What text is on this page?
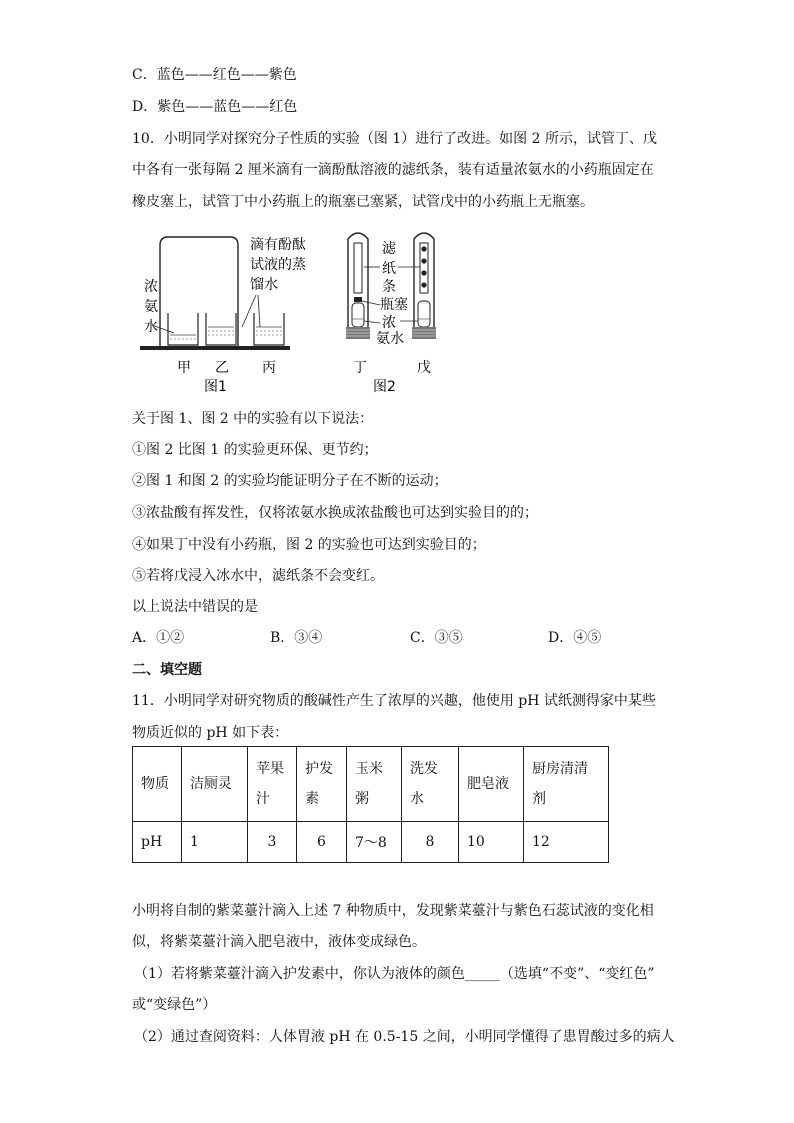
C．蓝色——红色——紫色
D．紫色——蓝色——红色
10．小明同学对探究分子性质的实验（图 1）进行了改进。如图 2 所示，试管丁、戊
中各有一张每隔 2 厘米滴有一滴酚酞溶液的滤纸条，装有适量浓氨水的小药瓶固定在
橡皮塞上，试管丁中小药瓶上的瓶塞已塞紧，试管戊中的小药瓶上无瓶塞。
浓
氨
水
滴有酚酞
试液的蒸
馏水
甲 乙 丙
图1
滤
纸
条
瓶塞
浓
氨水
丁	戊
图2
关于图 1、图 2 中的实验有以下说法：
①图 2 比图 1 的实验更环保、更节约；
②图 1 和图 2 的实验均能证明分子在不断的运动；
③浓盐酸有挥发性，仅将浓氨水换成浓盐酸也可达到实验目的的；
④如果丁中没有小药瓶，图 2 的实验也可达到实验目的；
⑤若将戊浸入冰水中，滤纸条不会变红。
以上说法中错误的是
A．①②	B．③④	C．③⑤	D．④⑤
二、填空题
11．小明同学对研究物质的酸碱性产生了浓厚的兴趣，他使用 pH 试纸测得家中某些
物质近似的 pH 如下表：
物质	洁厕灵	苹果
汁	护发
素	玉米
粥	洗发
水	肥皂液	厨房清清
剂
pH	1	3	6	7～8	8	10	12
小明将自制的紫菜薹汁滴入上述 7 种物质中，发现紫菜薹汁与紫色石蕊试液的变化相
似，将紫菜薹汁滴入肥皂液中，液体变成绿色。
（1）若将紫菜薹汁滴入护发素中，你认为液体的颜色_____（选填“不变”、“变红色”
或“变绿色”）
（2）通过查阅资料：人体胃液 pH 在 0.5-15 之间，小明同学懂得了患胃酸过多的病人
